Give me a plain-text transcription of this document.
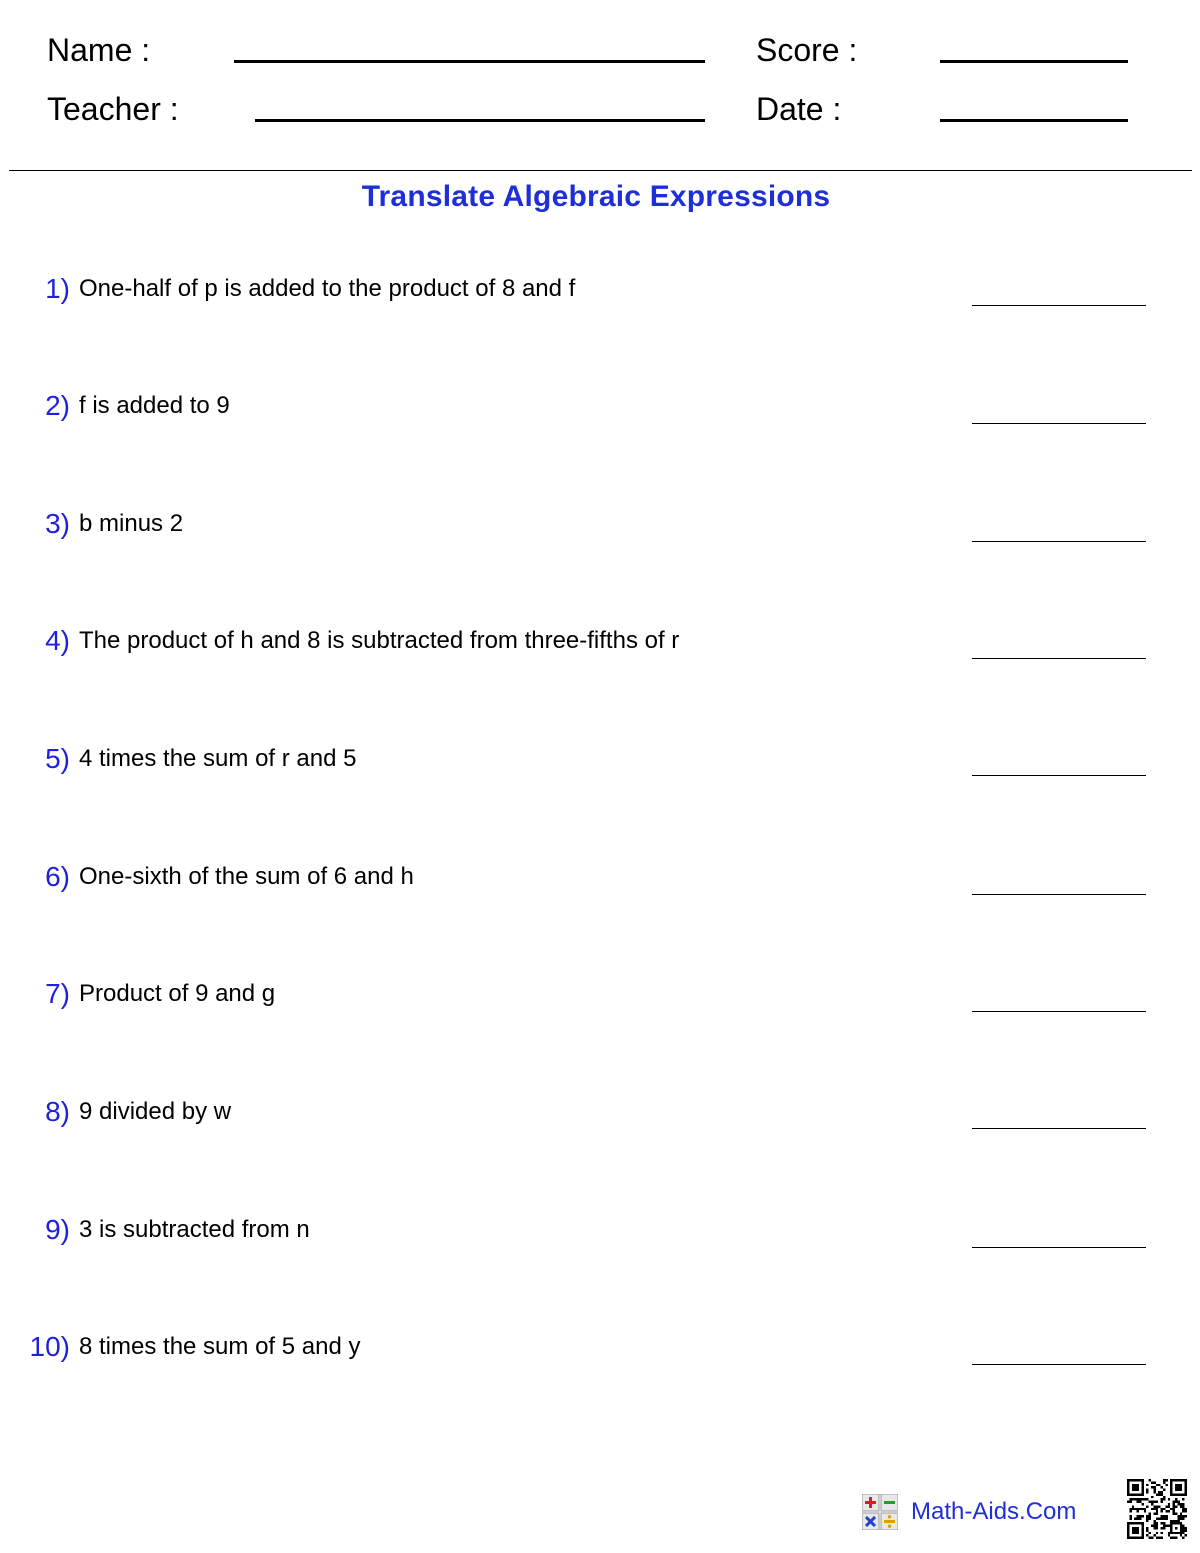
Name :
Teacher :
Score :
Date :
Translate Algebraic Expressions
1) One-half of p is added to the product of 8 and f
2) f is added to 9
3) b minus 2
4) The product of h and 8 is subtracted from three-fifths of r
5) 4 times the sum of r and 5
6) One-sixth of the sum of 6 and h
7) Product of 9 and g
8) 9 divided by w
9) 3 is subtracted from n
10) 8 times the sum of 5 and y
Math-Aids.Com
